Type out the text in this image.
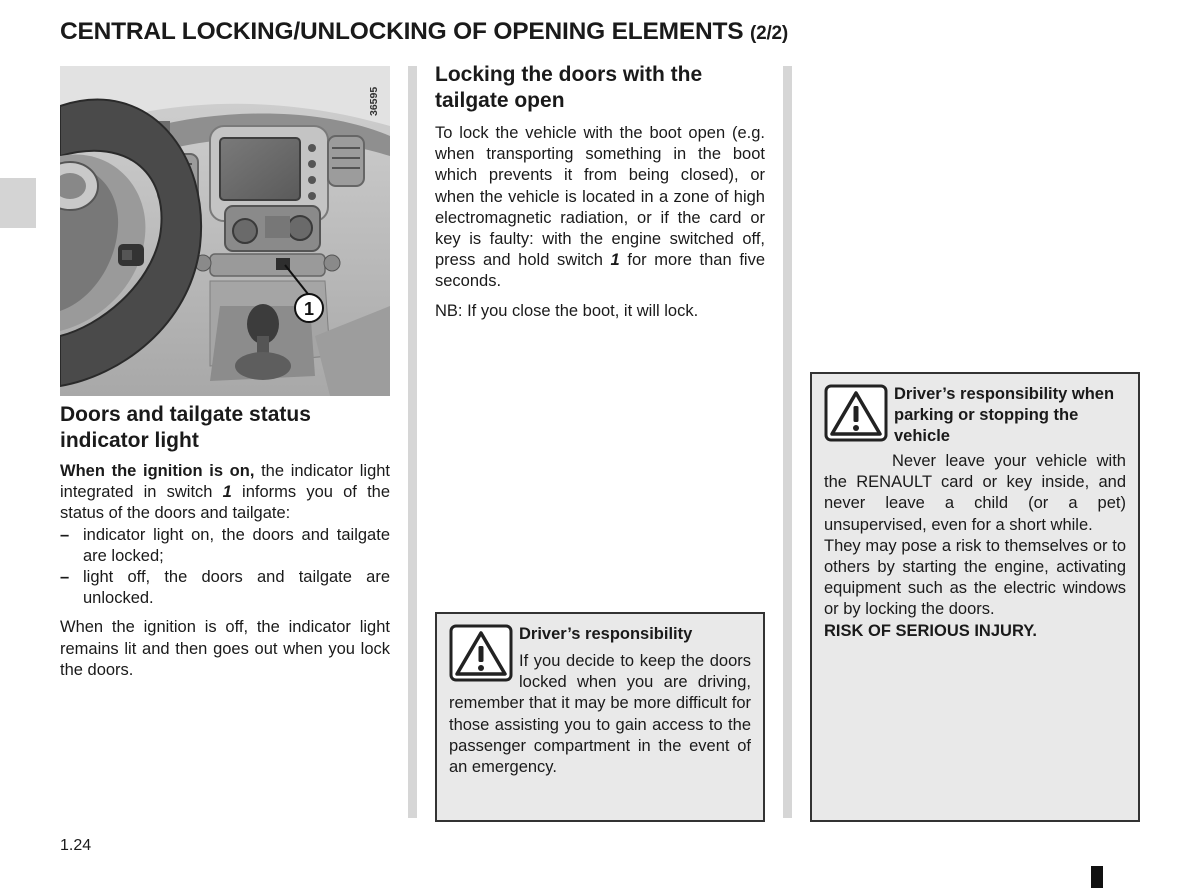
CENTRAL LOCKING/UNLOCKING OF OPENING ELEMENTS (2/2)
1
36595
Doors and tailgate status indicator light

When the ignition is on, the indicator light integrated in switch 1 informs you of the status of the doors and tailgate:

– indicator light on, the doors and tailgate are locked;
– light off, the doors and tailgate are unlocked.

When the ignition is off, the indicator light remains lit and then goes out when you lock the doors.

Locking the doors with the tailgate open

To lock the vehicle with the boot open (e.g. when transporting something in the boot which prevents it from being closed), or when the vehicle is located in a zone of high electromagnetic radiation, or if the card or key is faulty: with the engine switched off, press and hold switch 1 for more than five seconds.

NB: If you close the boot, it will lock.

Driver’s responsibility

If you decide to keep the doors locked when you are driving, remember that it may be more difficult for those assisting you to gain access to the passenger compartment in the event of an emergency.

Driver’s responsibility when parking or stopping the vehicle

Never leave your vehicle with the RENAULT card or key inside, and never leave a child (or a pet) unsupervised, even for a short while.

They may pose a risk to themselves or to others by starting the engine, activating equipment such as the electric windows or by locking the doors.

RISK OF SERIOUS INJURY.

1.24
